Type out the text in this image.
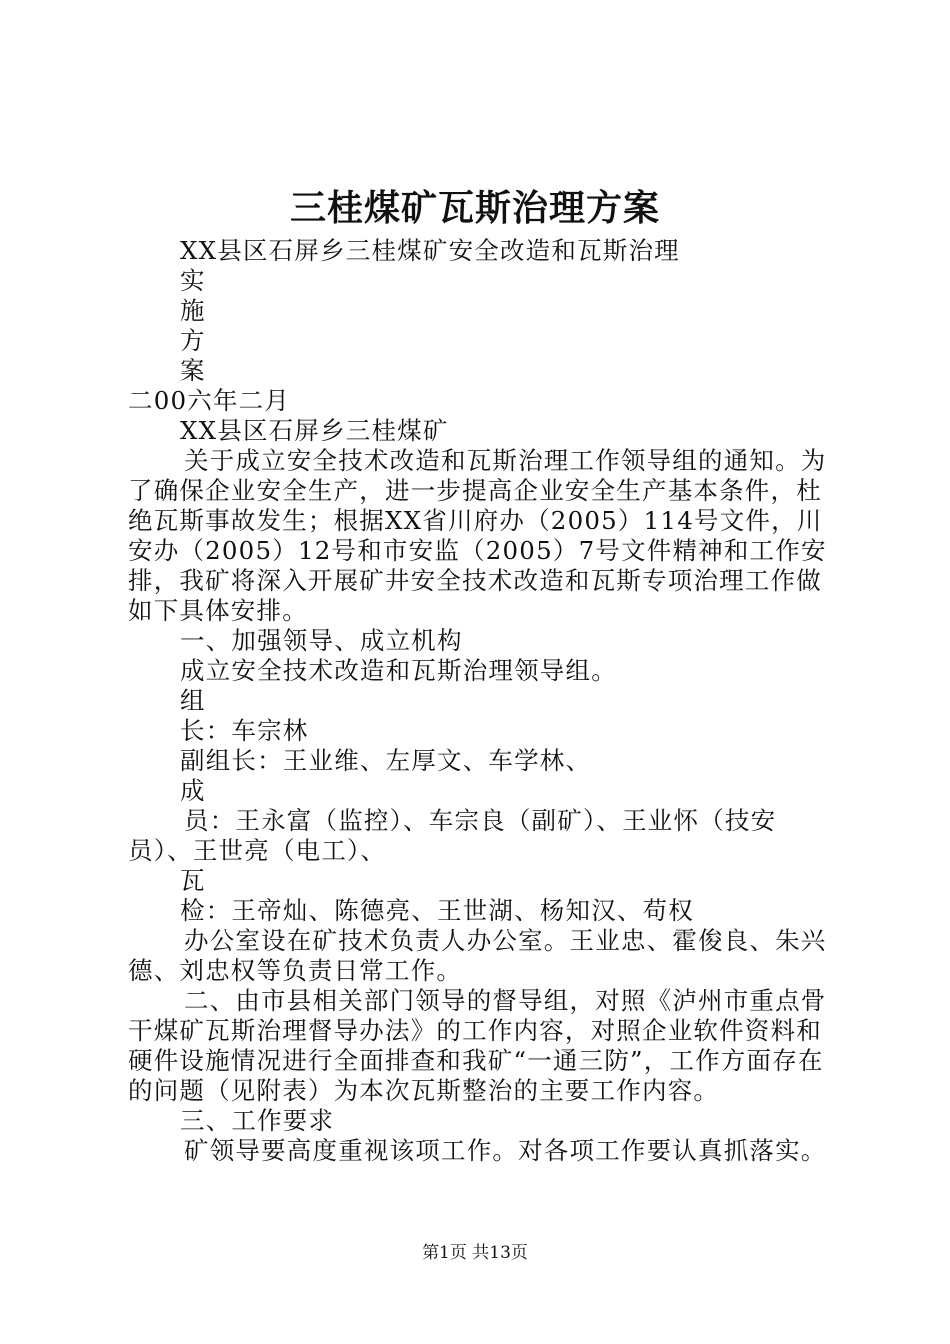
三桂煤矿瓦斯治理方案

XX县区石屏乡三桂煤矿安全改造和瓦斯治理

实

施

方

案

二00六年二月

XX县区石屏乡三桂煤矿

关于成立安全技术改造和瓦斯治理工作领导组的通知。为了确保企业安全生产，进一步提高企业安全生产基本条件，杜绝瓦斯事故发生；根据XX省川府办（2005）114号文件，川安办（2005）12号和市安监（2005）7号文件精神和工作安排，我矿将深入开展矿井安全技术改造和瓦斯专项治理工作做如下具体安排。

一、加强领导、成立机构

成立安全技术改造和瓦斯治理领导组。

组

长：车宗林

副组长：王业维、左厚文、车学林、

成

员：王永富（监控）、车宗良（副矿）、王业怀（技安员）、王世亮（电工）、

瓦

检：王帝灿、陈德亮、王世湖、杨知汉、苟权

办公室设在矿技术负责人办公室。王业忠、霍俊良、朱兴德、刘忠权等负责日常工作。

二、由市县相关部门领导的督导组，对照《泸州市重点骨干煤矿瓦斯治理督导办法》的工作内容，对照企业软件资料和硬件设施情况进行全面排查和我矿“一通三防”，工作方面存在的问题（见附表）为本次瓦斯整治的主要工作内容。

三、工作要求

矿领导要高度重视该项工作。对各项工作要认真抓落实。

第1页 共13页
